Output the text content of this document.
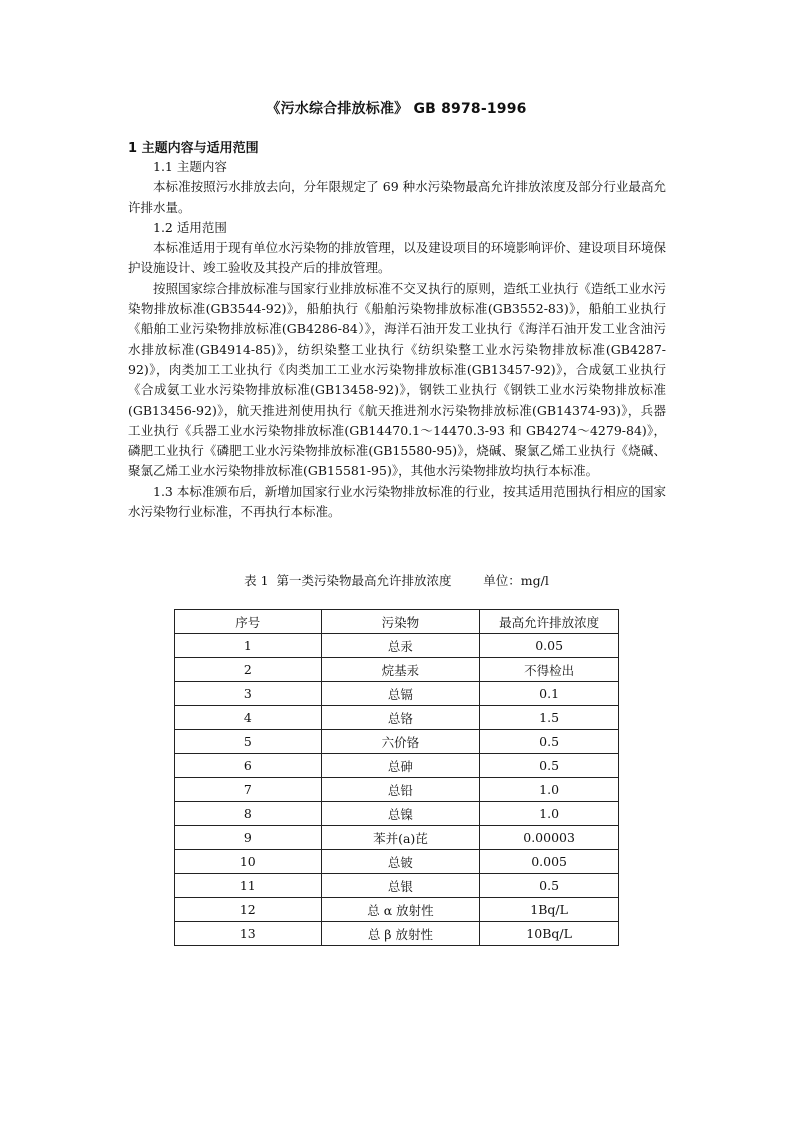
《污水综合排放标准》 GB 8978-1996
1 主题内容与适用范围

1.1 主题内容

本标准按照污水排放去向，分年限规定了 69 种水污染物最高允许排放浓度及部分行业最高允许排水量。

1.2 适用范围

本标准适用于现有单位水污染物的排放管理，以及建设项目的环境影响评价、建设项目环境保护设施设计、竣工验收及其投产后的排放管理。

按照国家综合排放标准与国家行业排放标准不交叉执行的原则，造纸工业执行《造纸工业水污染物排放标准(GB3544-92)》，船舶执行《船舶污染物排放标准(GB3552-83)》，船舶工业执行《船舶工业污染物排放标准(GB4286-84）》，海洋石油开发工业执行《海洋石油开发工业含油污水排放标准(GB4914-85)》，纺织染整工业执行《纺织染整工业水污染物排放标准(GB4287-92)》，肉类加工工业执行《肉类加工工业水污染物排放标准(GB13457-92)》，合成氨工业执行《合成氨工业水污染物排放标准(GB13458-92)》，钢铁工业执行《钢铁工业水污染物排放标准(GB13456-92)》，航天推进剂使用执行《航天推进剂水污染物排放标准(GB14374-93)》，兵器工业执行《兵器工业水污染物排放标准(GB14470.1～14470.3-93 和 GB4274～4279-84)》，磷肥工业执行《磷肥工业水污染物排放标准(GB15580-95)》，烧碱、聚氯乙烯工业执行《烧碱、聚氯乙烯工业水污染物排放标准(GB15581-95)》，其他水污染物排放均执行本标准。

1.3 本标准颁布后，新增加国家行业水污染物排放标准的行业，按其适用范围执行相应的国家水污染物行业标准，不再执行本标准。

表 1  第一类污染物最高允许排放浓度        单位：mg/l
序号	污染物	最高允许排放浓度
1	总汞	0.05
2	烷基汞	不得检出
3	总镉	0.1
4	总铬	1.5
5	六价铬	0.5
6	总砷	0.5
7	总铅	1.0
8	总镍	1.0
9	苯并(a)芘	0.00003
10	总铍	0.005
11	总银	0.5
12	总 α 放射性	1Bq/L
13	总 β 放射性	10Bq/L
